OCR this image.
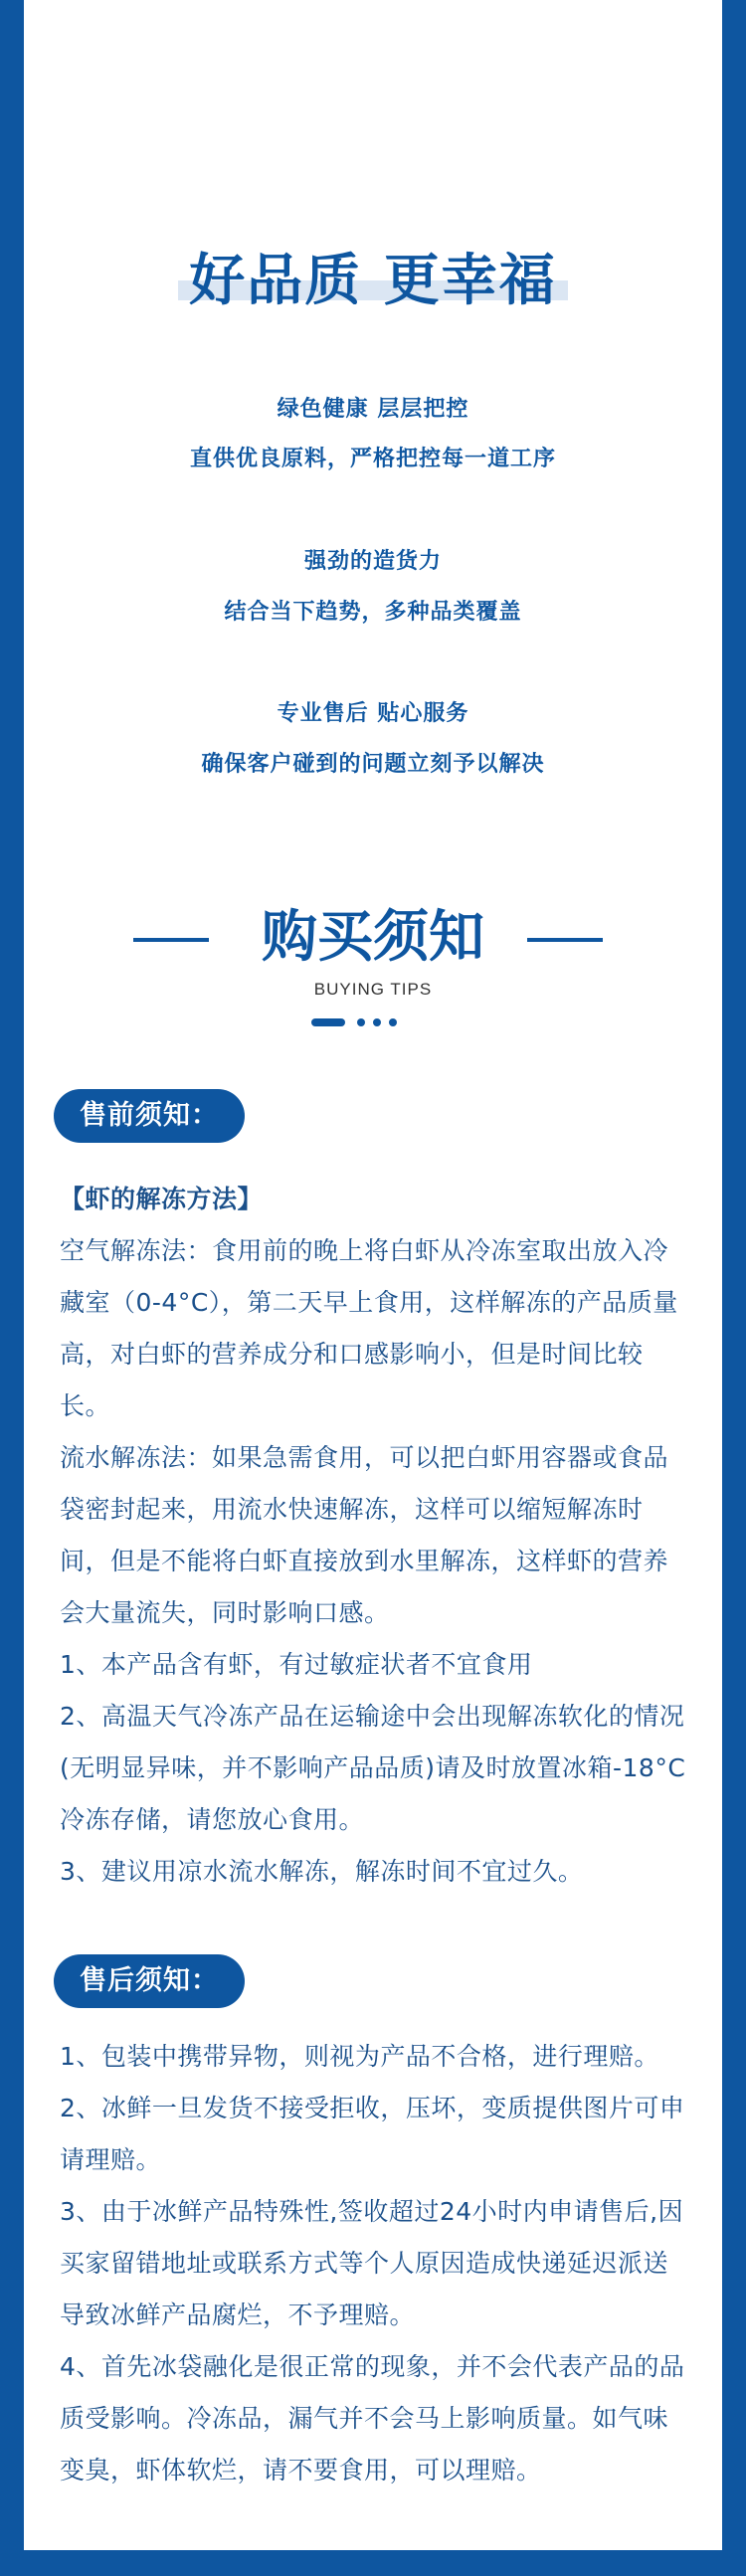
好品质 更幸福
绿色健康 层层把控
直供优良原料，严格把控每一道工序
强劲的造货力
结合当下趋势，多种品类覆盖
专业售后 贴心服务
确保客户碰到的问题立刻予以解决
购买须知
BUYING TIPS
售前须知：

【虾的解冻方法】

空气解冻法：食用前的晚上将白虾从冷冻室取出放入冷藏室（0-4°C），第二天早上食用，这样解冻的产品质量高，对白虾的营养成分和口感影响小，但是时间比较长。

流水解冻法：如果急需食用，可以把白虾用容器或食品袋密封起来，用流水快速解冻，这样可以缩短解冻时间，但是不能将白虾直接放到水里解冻，这样虾的营养会大量流失，同时影响口感。

1、本产品含有虾，有过敏症状者不宜食用

2、高温天气冷冻产品在运输途中会出现解冻软化的情况(无明显异味，并不影响产品品质)请及时放置冰箱-18°C冷冻存储，请您放心食用。

3、建议用凉水流水解冻，解冻时间不宜过久。

售后须知：

1、包装中携带异物，则视为产品不合格，进行理赔。

2、冰鲜一旦发货不接受拒收，压坏，变质提供图片可申请理赔。

3、由于冰鲜产品特殊性,签收超过24小时内申请售后,因买家留错地址或联系方式等个人原因造成快递延迟派送导致冰鲜产品腐烂，不予理赔。

4、首先冰袋融化是很正常的现象，并不会代表产品的品质受影响。冷冻品，漏气并不会马上影响质量。如气味变臭，虾体软烂，请不要食用，可以理赔。
